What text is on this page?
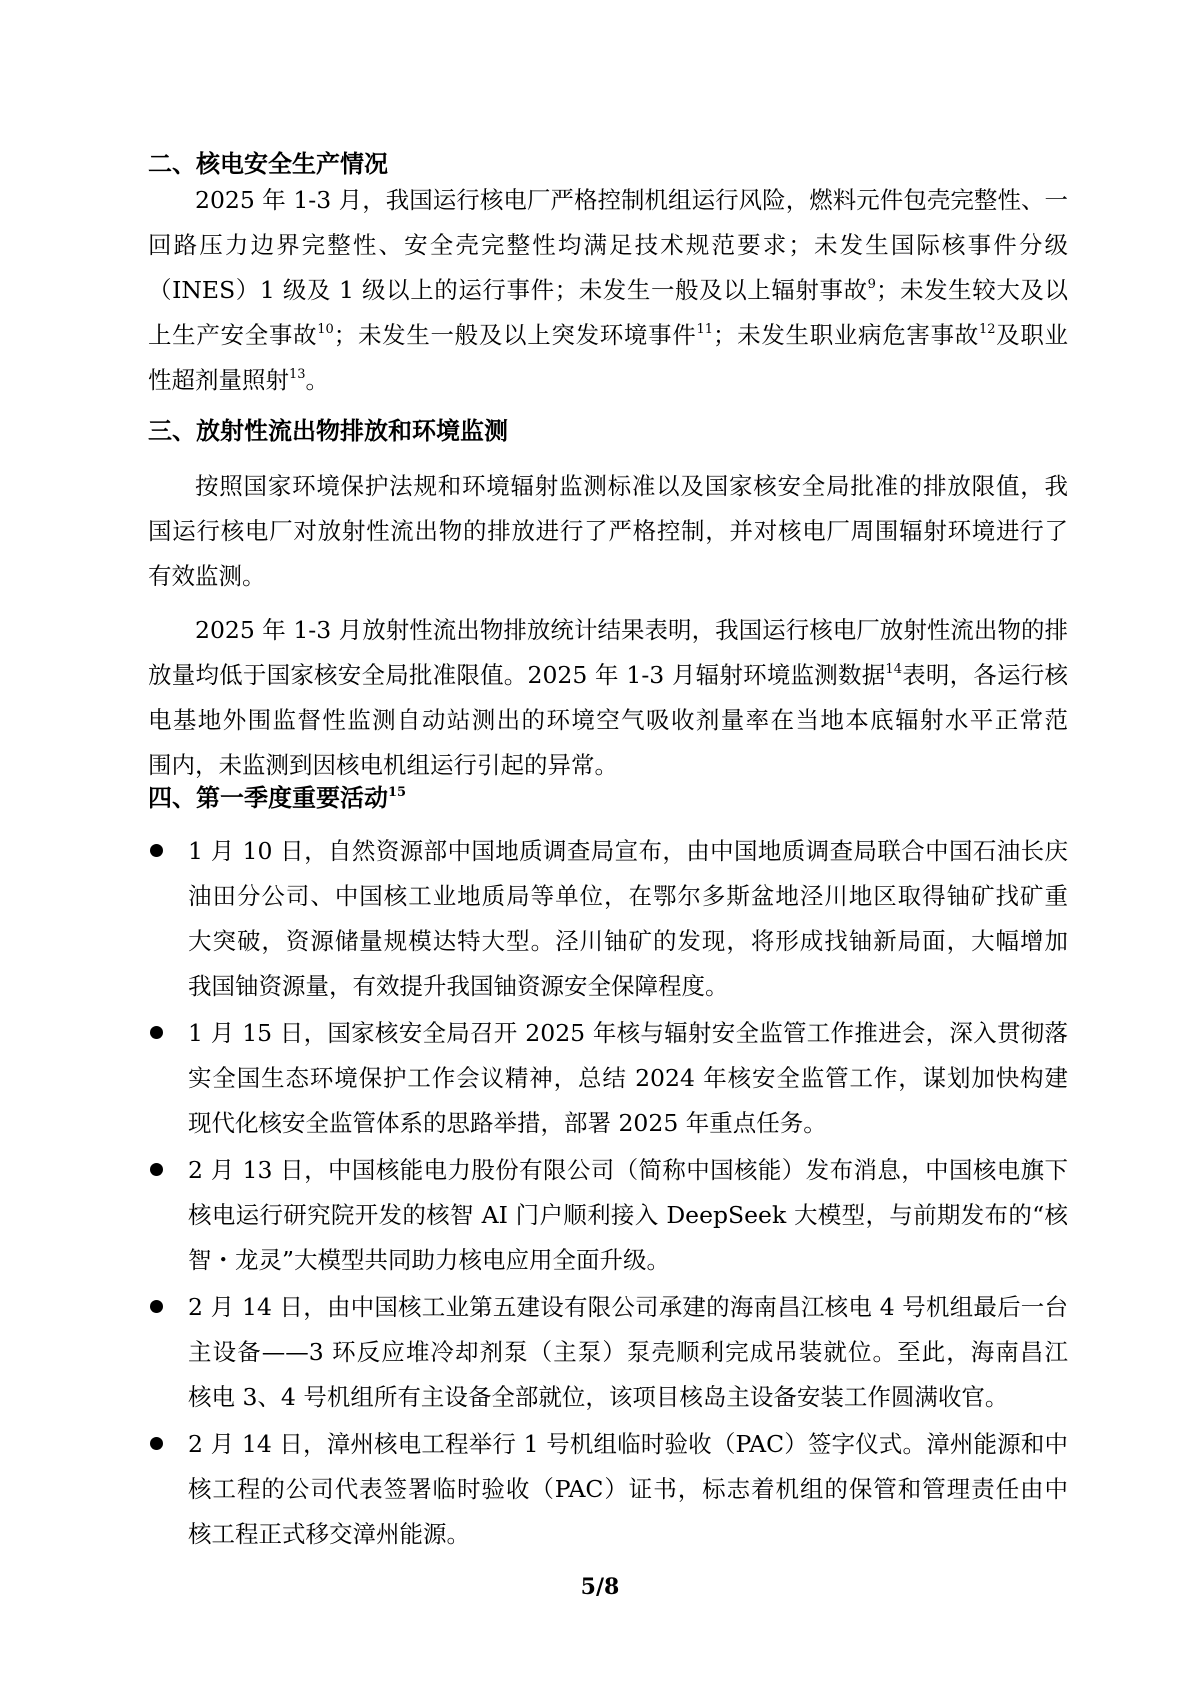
二、核电安全生产情况
2025 年 1-3 月，我国运行核电厂严格控制机组运行风险，燃料元件包壳完整性、一
回路压力边界完整性、安全壳完整性均满足技术规范要求；未发生国际核事件分级
（INES）1 级及 1 级以上的运行事件；未发生一般及以上辐射事故$^9$；未发生较大及以
上生产安全事故$^{10}$；未发生一般及以上突发环境事件$^{11}$；未发生职业病危害事故$^{12}$及职业
性超剂量照射$^{13}$。
三、放射性流出物排放和环境监测
按照国家环境保护法规和环境辐射监测标准以及国家核安全局批准的排放限值，我
国运行核电厂对放射性流出物的排放进行了严格控制，并对核电厂周围辐射环境进行了
有效监测。
2025 年 1-3 月放射性流出物排放统计结果表明，我国运行核电厂放射性流出物的排
放量均低于国家核安全局批准限值。2025 年 1-3 月辐射环境监测数据$^{14}$表明，各运行核
电基地外围监督性监测自动站测出的环境空气吸收剂量率在当地本底辐射水平正常范
围内，未监测到因核电机组运行引起的异常。
四、第一季度重要活动$^{15}$
1 月 10 日，自然资源部中国地质调查局宣布，由中国地质调查局联合中国石油长庆
油田分公司、中国核工业地质局等单位，在鄂尔多斯盆地泾川地区取得铀矿找矿重
大突破，资源储量规模达特大型。泾川铀矿的发现，将形成找铀新局面，大幅增加
我国铀资源量，有效提升我国铀资源安全保障程度。
1 月 15 日，国家核安全局召开 2025 年核与辐射安全监管工作推进会，深入贯彻落
实全国生态环境保护工作会议精神，总结 2024 年核安全监管工作，谋划加快构建
现代化核安全监管体系的思路举措，部署 2025 年重点任务。
2 月 13 日，中国核能电力股份有限公司（简称中国核能）发布消息，中国核电旗下
核电运行研究院开发的核智 AI 门户顺利接入 DeepSeek 大模型，与前期发布的“核
智・龙灵”大模型共同助力核电应用全面升级。
2 月 14 日，由中国核工业第五建设有限公司承建的海南昌江核电 4 号机组最后一台
主设备——3 环反应堆冷却剂泵（主泵）泵壳顺利完成吊装就位。至此，海南昌江
核电 3、4 号机组所有主设备全部就位，该项目核岛主设备安装工作圆满收官。
2 月 14 日，漳州核电工程举行 1 号机组临时验收（PAC）签字仪式。漳州能源和中
核工程的公司代表签署临时验收（PAC）证书，标志着机组的保管和管理责任由中
核工程正式移交漳州能源。
5/8
